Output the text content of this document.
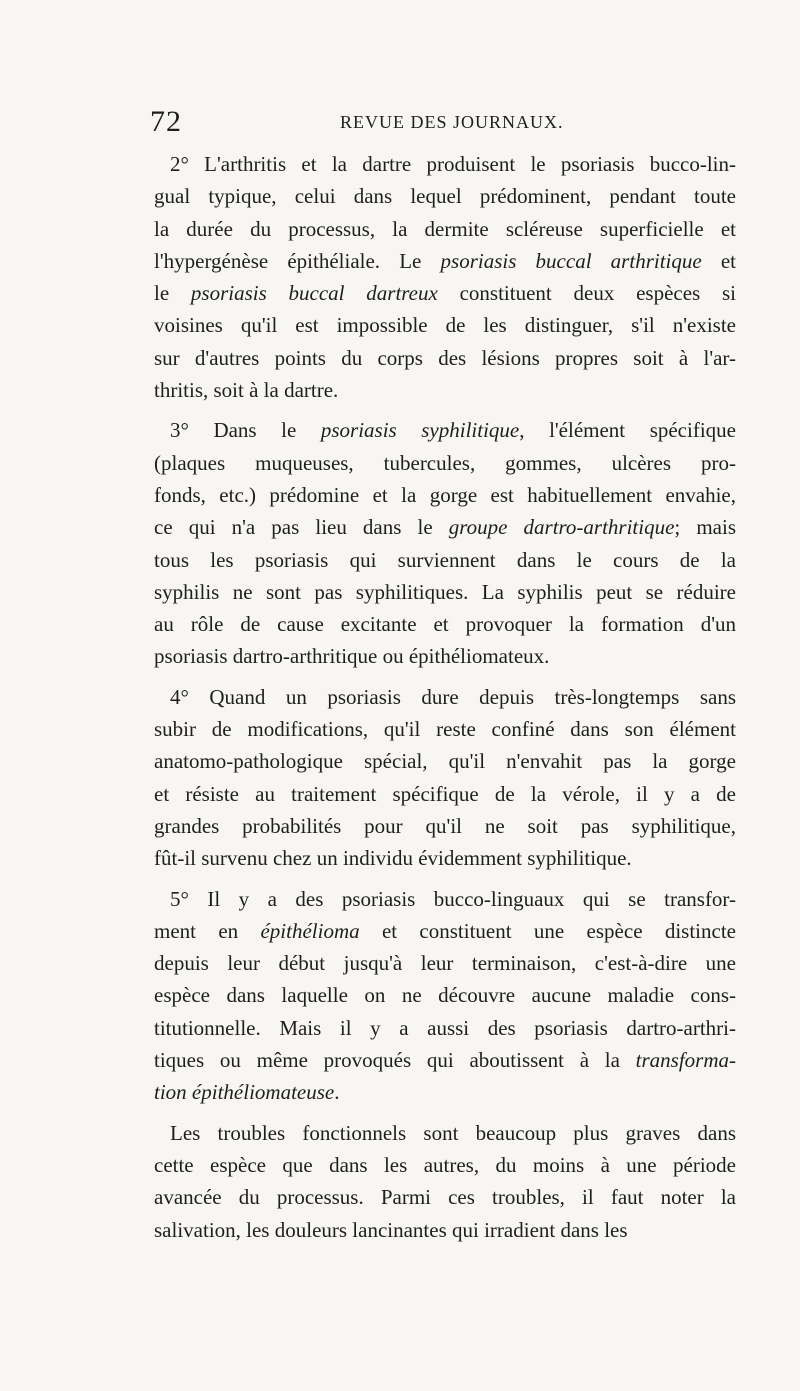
72	REVUE DES JOURNAUX.
2° L'arthritis et la dartre produisent le psoriasis bucco-lin-
gual typique, celui dans lequel prédominent, pendant toute
la durée du processus, la dermite scléreuse superficielle et
l'hypergénèse épithéliale. Le psoriasis buccal arthritique et
le psoriasis buccal dartreux constituent deux espèces si
voisines qu'il est impossible de les distinguer, s'il n'existe
sur d'autres points du corps des lésions propres soit à l'ar-
thritis, soit à la dartre.
3° Dans le psoriasis syphilitique, l'élément spécifique
(plaques muqueuses, tubercules, gommes, ulcères pro-
fonds, etc.) prédomine et la gorge est habituellement envahie,
ce qui n'a pas lieu dans le groupe dartro-arthritique; mais
tous les psoriasis qui surviennent dans le cours de la
syphilis ne sont pas syphilitiques. La syphilis peut se réduire
au rôle de cause excitante et provoquer la formation d'un
psoriasis dartro-arthritique ou épithéliomateux.
4° Quand un psoriasis dure depuis très-longtemps sans
subir de modifications, qu'il reste confiné dans son élément
anatomo-pathologique spécial, qu'il n'envahit pas la gorge
et résiste au traitement spécifique de la vérole, il y a de
grandes probabilités pour qu'il ne soit pas syphilitique,
fût-il survenu chez un individu évidemment syphilitique.
5° Il y a des psoriasis bucco-linguaux qui se transfor-
ment en épithélioma et constituent une espèce distincte
depuis leur début jusqu'à leur terminaison, c'est-à-dire une
espèce dans laquelle on ne découvre aucune maladie cons-
titutionnelle. Mais il y a aussi des psoriasis dartro-arthri-
tiques ou même provoqués qui aboutissent à la transforma-
tion épithéliomateuse.
Les troubles fonctionnels sont beaucoup plus graves dans
cette espèce que dans les autres, du moins à une période
avancée du processus. Parmi ces troubles, il faut noter la
salivation, les douleurs lancinantes qui irradient dans les
